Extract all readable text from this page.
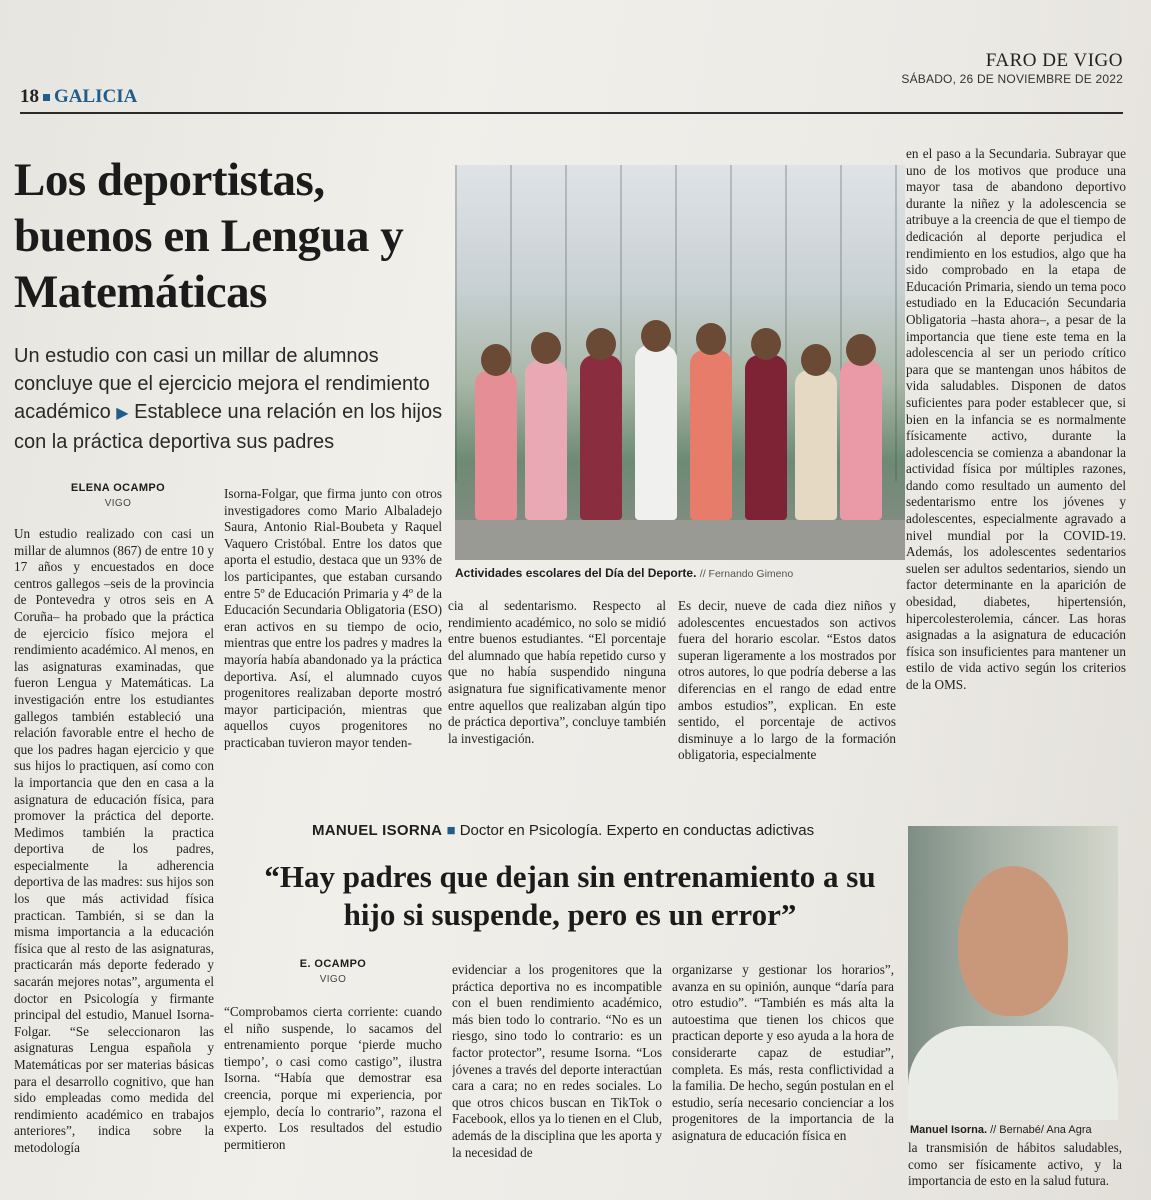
FARO DE VIGO
SÁBADO, 26 DE NOVIEMBRE DE 2022
18 GALICIA
Los deportistas, buenos en Lengua y Matemáticas
Un estudio con casi un millar de alumnos concluye que el ejercicio mejora el rendimiento académico ▶ Establece una relación en los hijos con la práctica deportiva sus padres
ELENA OCAMPO
VIGO

Un estudio realizado con casi un millar de alumnos (867) de entre 10 y 17 años y encuestados en doce centros gallegos –seis de la provincia de Pontevedra y otros seis en A Coruña– ha probado que la práctica de ejercicio físico mejora el rendimiento académico. Al menos, en las asignaturas examinadas, que fueron Lengua y Matemáticas. La investigación entre los estudiantes gallegos también estableció una relación favorable entre el hecho de que los padres hagan ejercicio y que sus hijos lo practiquen, así como con la importancia que den en casa a la asignatura de educación física, para promover la práctica del deporte. Medimos también la practica deportiva de los padres, especialmente la adherencia deportiva de las madres: sus hijos son los que más actividad física practican. También, si se dan la misma importancia a la educación física que al resto de las asignaturas, practicarán más deporte federado y sacarán mejores notas”, argumenta el doctor en Psicología y firmante principal del estudio, Manuel Isorna-Folgar. “Se seleccionaron las asignaturas Lengua española y Matemáticas por ser materias básicas para el desarrollo cognitivo, que han sido empleadas como medida del rendimiento académico en trabajos anteriores”, indica sobre la metodología

Isorna-Folgar, que firma junto con otros investigadores como Mario Albaladejo Saura, Antonio Rial-Boubeta y Raquel Vaquero Cristóbal. Entre los datos que aporta el estudio, destaca que un 93% de los participantes, que estaban cursando entre 5º de Educación Primaria y 4º de la Educación Secundaria Obligatoria (ESO) eran activos en su tiempo de ocio, mientras que entre los padres y madres la mayoría había abandonado ya la práctica deportiva. Así, el alumnado cuyos progenitores realizaban deporte mostró mayor participación, mientras que aquellos cuyos progenitores no practicaban tuvieron mayor tenden-

Actividades escolares del Día del Deporte. // Fernando Gimeno

cia al sedentarismo. Respecto al rendimiento académico, no solo se midió entre buenos estudiantes. “El porcentaje del alumnado que había repetido curso y que no había suspendido ninguna asignatura fue significativamente menor entre aquellos que realizaban algún tipo de práctica deportiva”, concluye también la investigación.

Es decir, nueve de cada diez niños y adolescentes encuestados son activos fuera del horario escolar. “Estos datos superan ligeramente a los mostrados por otros autores, lo que podría deberse a las diferencias en el rango de edad entre ambos estudios”, explican. En este sentido, el porcentaje de activos disminuye a lo largo de la formación obligatoria, especialmente

en el paso a la Secundaria. Subrayar que uno de los motivos que produce una mayor tasa de abandono deportivo durante la niñez y la adolescencia se atribuye a la creencia de que el tiempo de dedicación al deporte perjudica el rendimiento en los estudios, algo que ha sido comprobado en la etapa de Educación Primaria, siendo un tema poco estudiado en la Educación Secundaria Obligatoria –hasta ahora–, a pesar de la importancia que tiene este tema en la adolescencia al ser un periodo crítico para que se mantengan unos hábitos de vida saludables. Disponen de datos suficientes para poder establecer que, si bien en la infancia se es normalmente físicamente activo, durante la adolescencia se comienza a abandonar la actividad física por múltiples razones, dando como resultado un aumento del sedentarismo entre los jóvenes y adolescentes, especialmente agravado a nivel mundial por la COVID-19. Además, los adolescentes sedentarios suelen ser adultos sedentarios, siendo un factor determinante en la aparición de obesidad, diabetes, hipertensión, hipercolesterolemia, cáncer. Las horas asignadas a la asignatura de educación física son insuficientes para mantener un estilo de vida activo según los criterios de la OMS.

MANUEL ISORNA ■ Doctor en Psicología. Experto en conductas adictivas
“Hay padres que dejan sin entrenamiento a su hijo si suspende, pero es un error”
E. OCAMPO
VIGO

“Comprobamos cierta corriente: cuando el niño suspende, lo sacamos del entrenamiento porque ‘pierde mucho tiempo’, o casi como castigo”, ilustra Isorna. “Había que demostrar esa creencia, porque mi experiencia, por ejemplo, decía lo contrario”, razona el experto. Los resultados del estudio permitieron

evidenciar a los progenitores que la práctica deportiva no es incompatible con el buen rendimiento académico, más bien todo lo contrario. “No es un riesgo, sino todo lo contrario: es un factor protector”, resume Isorna. “Los jóvenes a través del deporte interactúan cara a cara; no en redes sociales. Lo que otros chicos buscan en TikTok o Facebook, ellos ya lo tienen en el Club, además de la disciplina que les aporta y la necesidad de

organizarse y gestionar los horarios”, avanza en su opinión, aunque “daría para otro estudio”. “También es más alta la autoestima que tienen los chicos que practican deporte y eso ayuda a la hora de considerarte capaz de estudiar”, completa. Es más, resta conflictividad a la familia. De hecho, según postulan en el estudio, sería necesario concienciar a los progenitores de la importancia de la asignatura de educación física en	Manuel Isorna. // Bernabé/ Ana Agra

la transmisión de hábitos saludables, como ser físicamente activo, y la importancia de esto en la salud futura.
